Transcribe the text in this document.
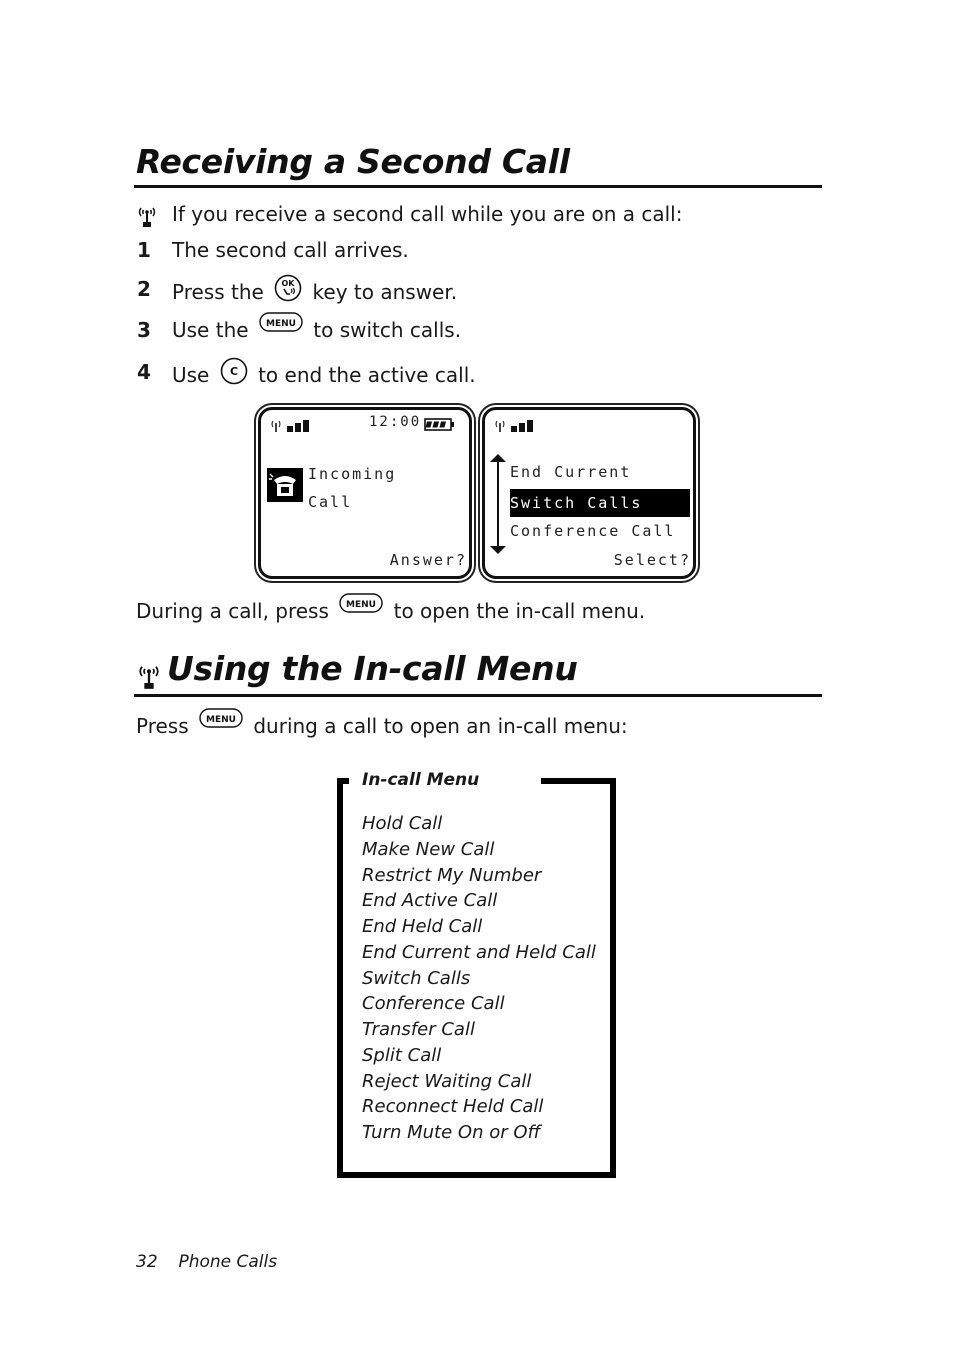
Receiving a Second Call
If you receive a second call while you are on a call:
1 The second call arrives.
2 Press the OK key to answer.
3 Use the MENU to switch calls.
4 Use C to end the active call.
12:00
Incoming
Call
Answer?
End Current
Switch Calls
Conference Call
Select?
During a call, press MENU to open the in-call menu.
Using the In-call Menu
Press MENU during a call to open an in-call menu:
In-call Menu
Hold Call
Make New Call
Restrict My Number
End Active Call
End Held Call
End Current and Held Call
Switch Calls
Conference Call
Transfer Call
Split Call
Reject Waiting Call
Reconnect Held Call
Turn Mute On or Off
32 Phone Calls
